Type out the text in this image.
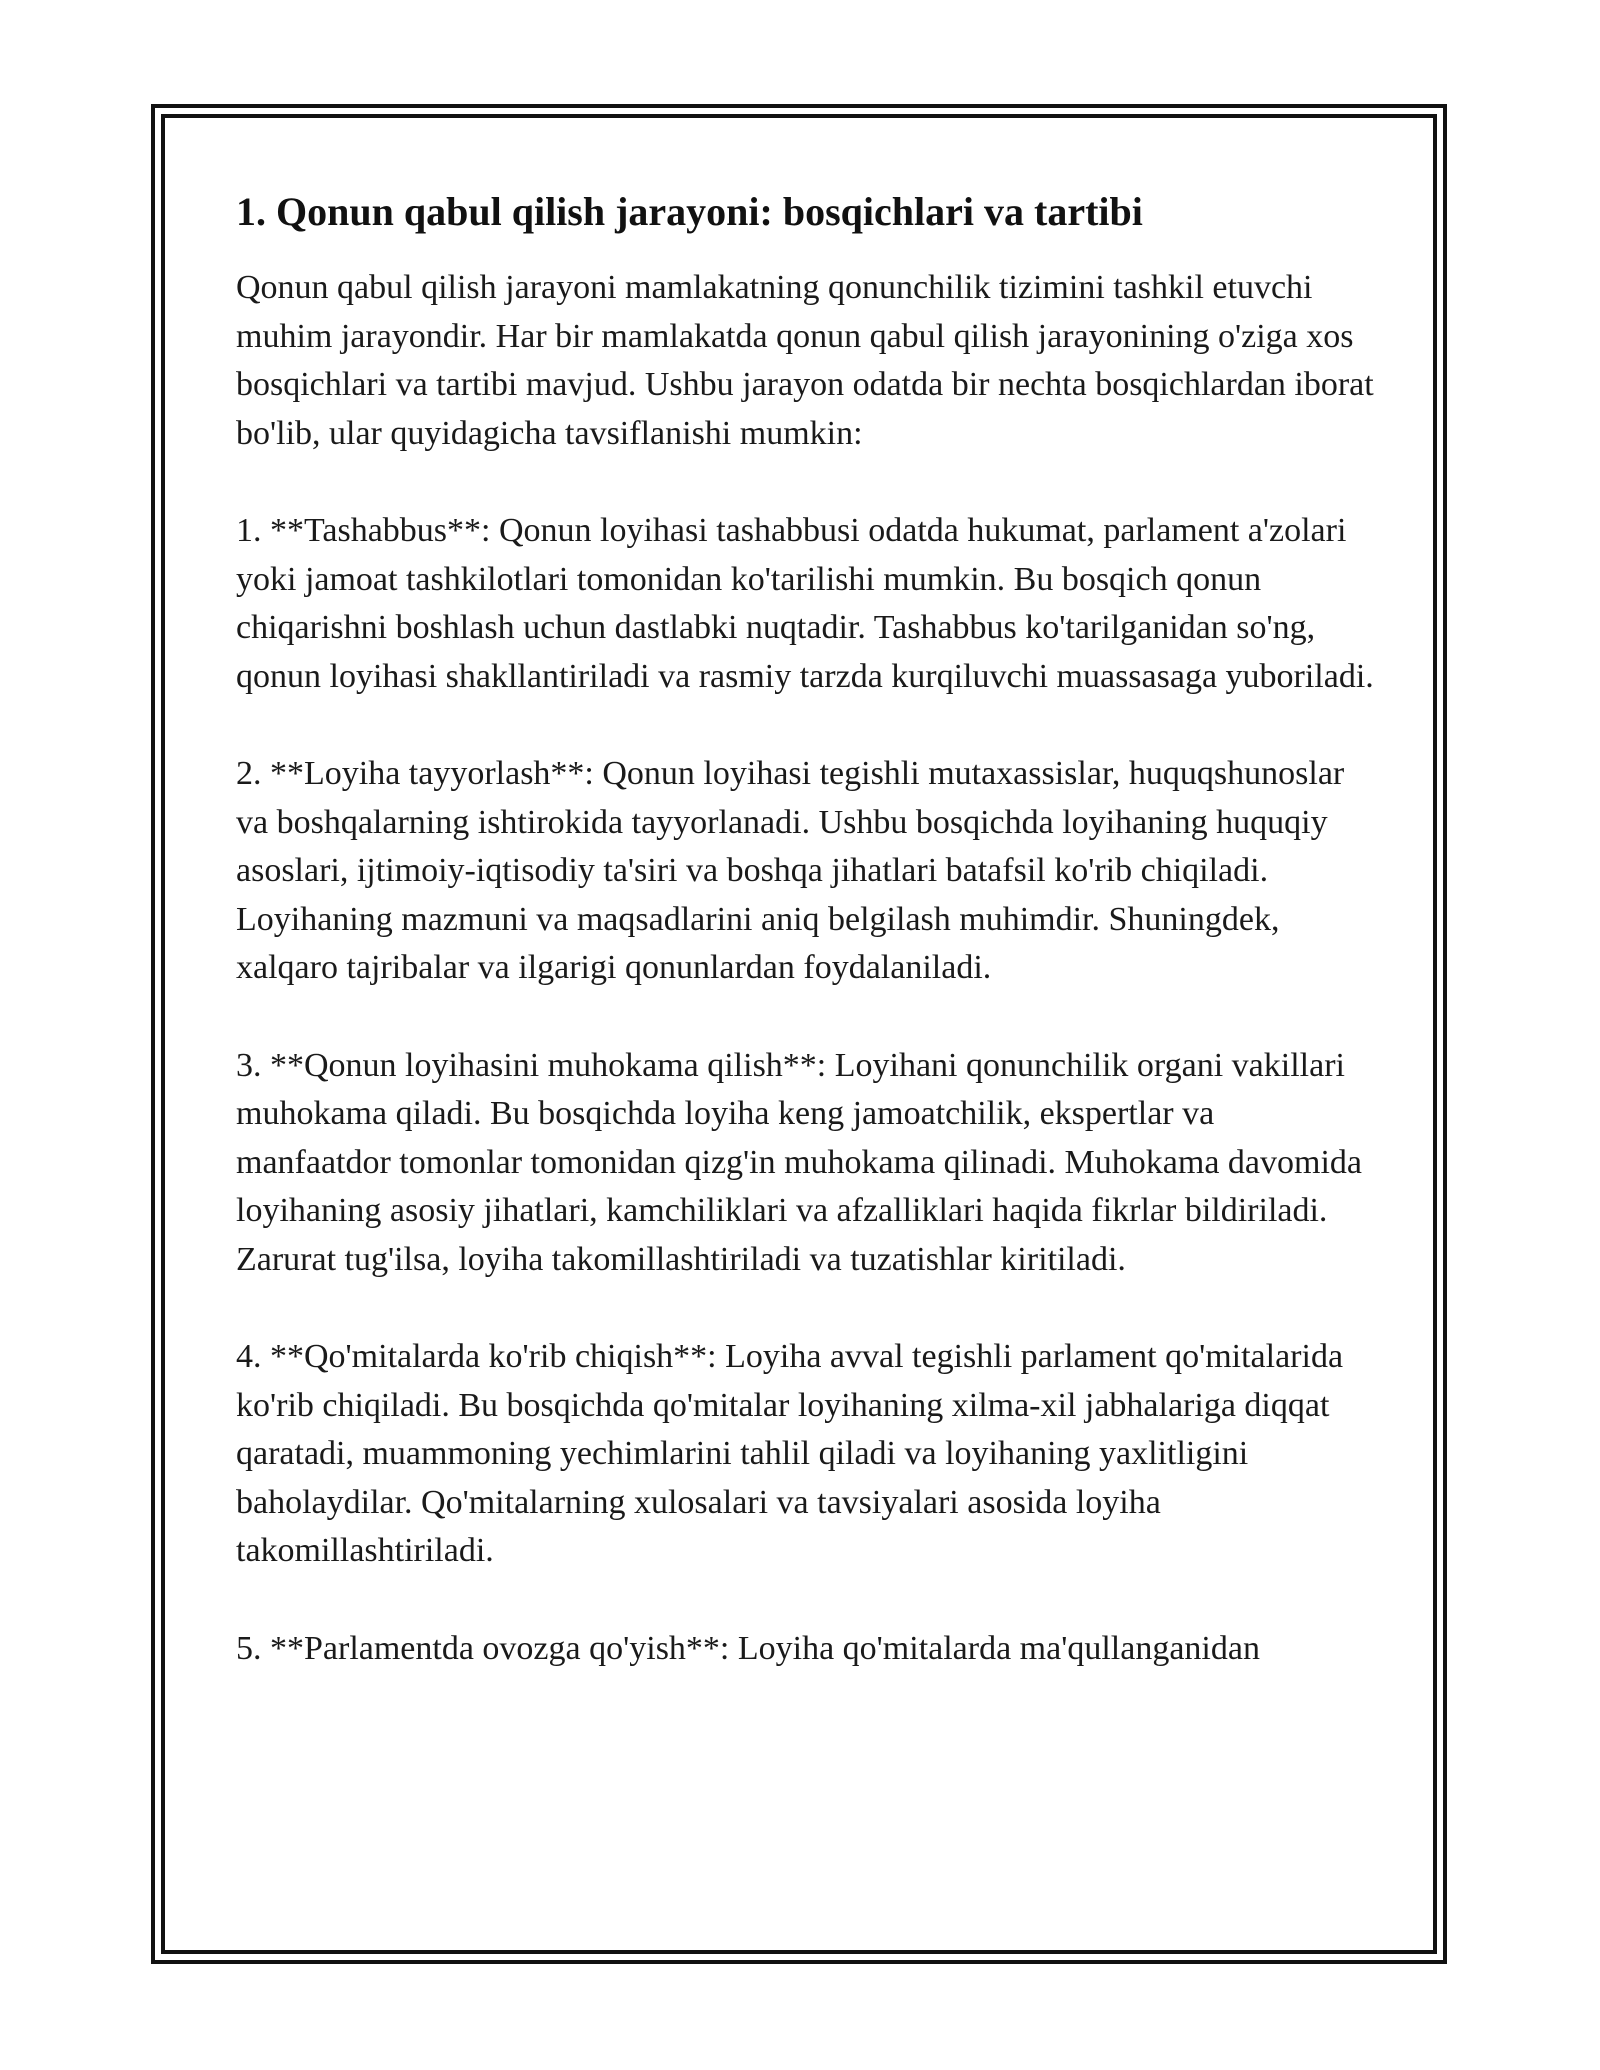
1. Qonun qabul qilish jarayoni: bosqichlari va tartibi

Qonun qabul qilish jarayoni mamlakatning qonunchilik tizimini tashkil etuvchi muhim jarayondir. Har bir mamlakatda qonun qabul qilish jarayonining o'ziga xos bosqichlari va tartibi mavjud. Ushbu jarayon odatda bir nechta bosqichlardan iborat bo'lib, ular quyidagicha tavsiflanishi mumkin:

1. **Tashabbus**: Qonun loyihasi tashabbusi odatda hukumat, parlament a'zolari yoki jamoat tashkilotlari tomonidan ko'tarilishi mumkin. Bu bosqich qonun chiqarishni boshlash uchun dastlabki nuqtadir. Tashabbus ko'tarilganidan so'ng, qonun loyihasi shakllantiriladi va rasmiy tarzda kurqiluvchi muassasaga yuboriladi.

2. **Loyiha tayyorlash**: Qonun loyihasi tegishli mutaxassislar, huquqshunoslar va boshqalarning ishtirokida tayyorlanadi. Ushbu bosqichda loyihaning huquqiy asoslari, ijtimoiy-iqtisodiy ta'siri va boshqa jihatlari batafsil ko'rib chiqiladi. Loyihaning mazmuni va maqsadlarini aniq belgilash muhimdir. Shuningdek, xalqaro tajribalar va ilgarigi qonunlardan foydalaniladi.

3. **Qonun loyihasini muhokama qilish**: Loyihani qonunchilik organi vakillari muhokama qiladi. Bu bosqichda loyiha keng jamoatchilik, ekspertlar va manfaatdor tomonlar tomonidan qizg'in muhokama qilinadi. Muhokama davomida loyihaning asosiy jihatlari, kamchiliklari va afzalliklari haqida fikrlar bildiriladi. Zarurat tug'ilsa, loyiha takomillashtiriladi va tuzatishlar kiritiladi.

4. **Qo'mitalarda ko'rib chiqish**: Loyiha avval tegishli parlament qo'mitalarida ko'rib chiqiladi. Bu bosqichda qo'mitalar loyihaning xilma-xil jabhalariga diqqat qaratadi, muammoning yechimlarini tahlil qiladi va loyihaning yaxlitligini baholaydilar. Qo'mitalarning xulosalari va tavsiyalari asosida loyiha takomillashtiriladi.

5. **Parlamentda ovozga qo'yish**: Loyiha qo'mitalarda ma'qullanganidan
